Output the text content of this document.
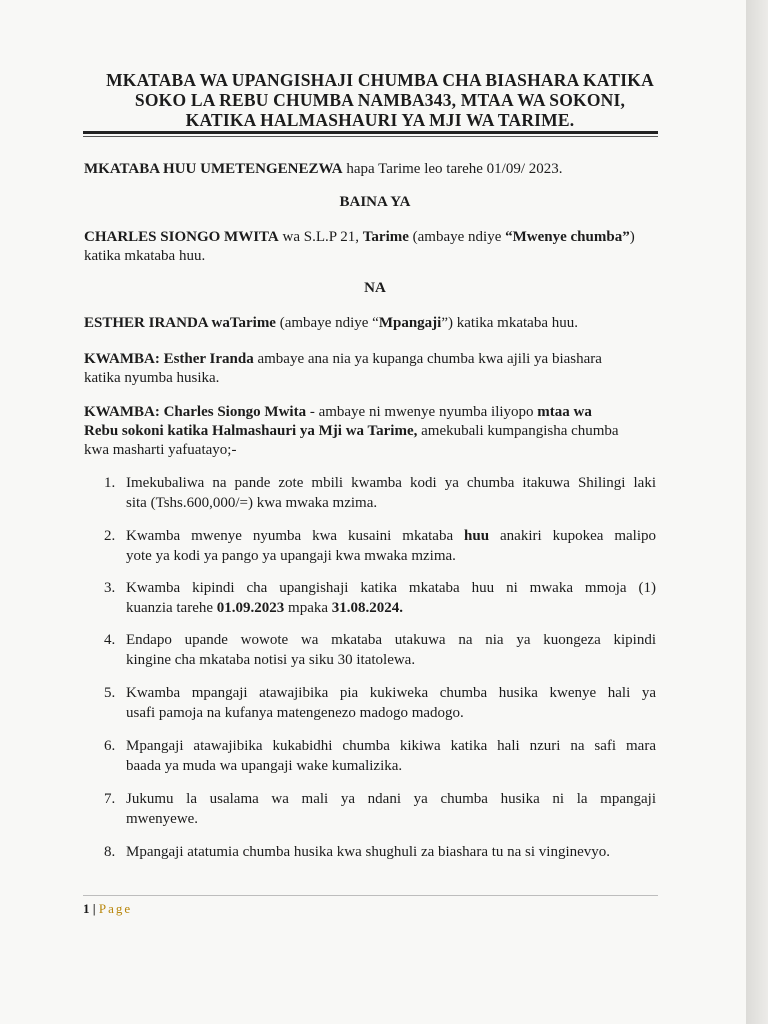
MKATABA WA UPANGISHAJI CHUMBA CHA BIASHARA KATIKA
SOKO LA REBU CHUMBA NAMBA343, MTAA WA SOKONI,
KATIKA HALMASHAURI YA MJI WA TARIME.
MKATABA HUU UMETENGENEZWA hapa Tarime leo tarehe 01/09/ 2023.
BAINA YA
CHARLES SIONGO MWITA wa S.L.P 21, Tarime (ambaye ndiye “Mwenye chumba”)
katika mkataba huu.
NA
ESTHER IRANDA waTarime (ambaye ndiye “Mpangaji”) katika mkataba huu.
KWAMBA: Esther Iranda ambaye ana nia ya kupanga chumba kwa ajili ya biashara
katika nyumba husika.
KWAMBA: Charles Siongo Mwita - ambaye ni mwenye nyumba iliyopo mtaa wa
Rebu sokoni katika Halmashauri ya Mji wa Tarime, amekubali kumpangisha chumba
kwa masharti yafuatayo;-
1. Imekubaliwa na pande zote mbili kwamba kodi ya chumba itakuwa Shilingi laki
sita (Tshs.600,000/=) kwa mwaka mzima.
2. Kwamba mwenye nyumba kwa kusaini mkataba huu anakiri kupokea malipo
yote ya kodi ya pango ya upangaji kwa mwaka mzima.
3. Kwamba kipindi cha upangishaji katika mkataba huu ni mwaka mmoja (1)
kuanzia tarehe 01.09.2023 mpaka 31.08.2024.
4. Endapo upande wowote wa mkataba utakuwa na nia ya kuongeza kipindi
kingine cha mkataba notisi ya siku 30 itatolewa.
5. Kwamba mpangaji atawajibika pia kukiweka chumba husika kwenye hali ya
usafi pamoja na kufanya matengenezo madogo madogo.
6. Mpangaji atawajibika kukabidhi chumba kikiwa katika hali nzuri na safi mara
baada ya muda wa upangaji wake kumalizika.
7. Jukumu la usalama wa mali ya ndani ya chumba husika ni la mpangaji
mwenyewe.
8. Mpangaji atatumia chumba husika kwa shughuli za biashara tu na si vinginevyo.
1 | Page
